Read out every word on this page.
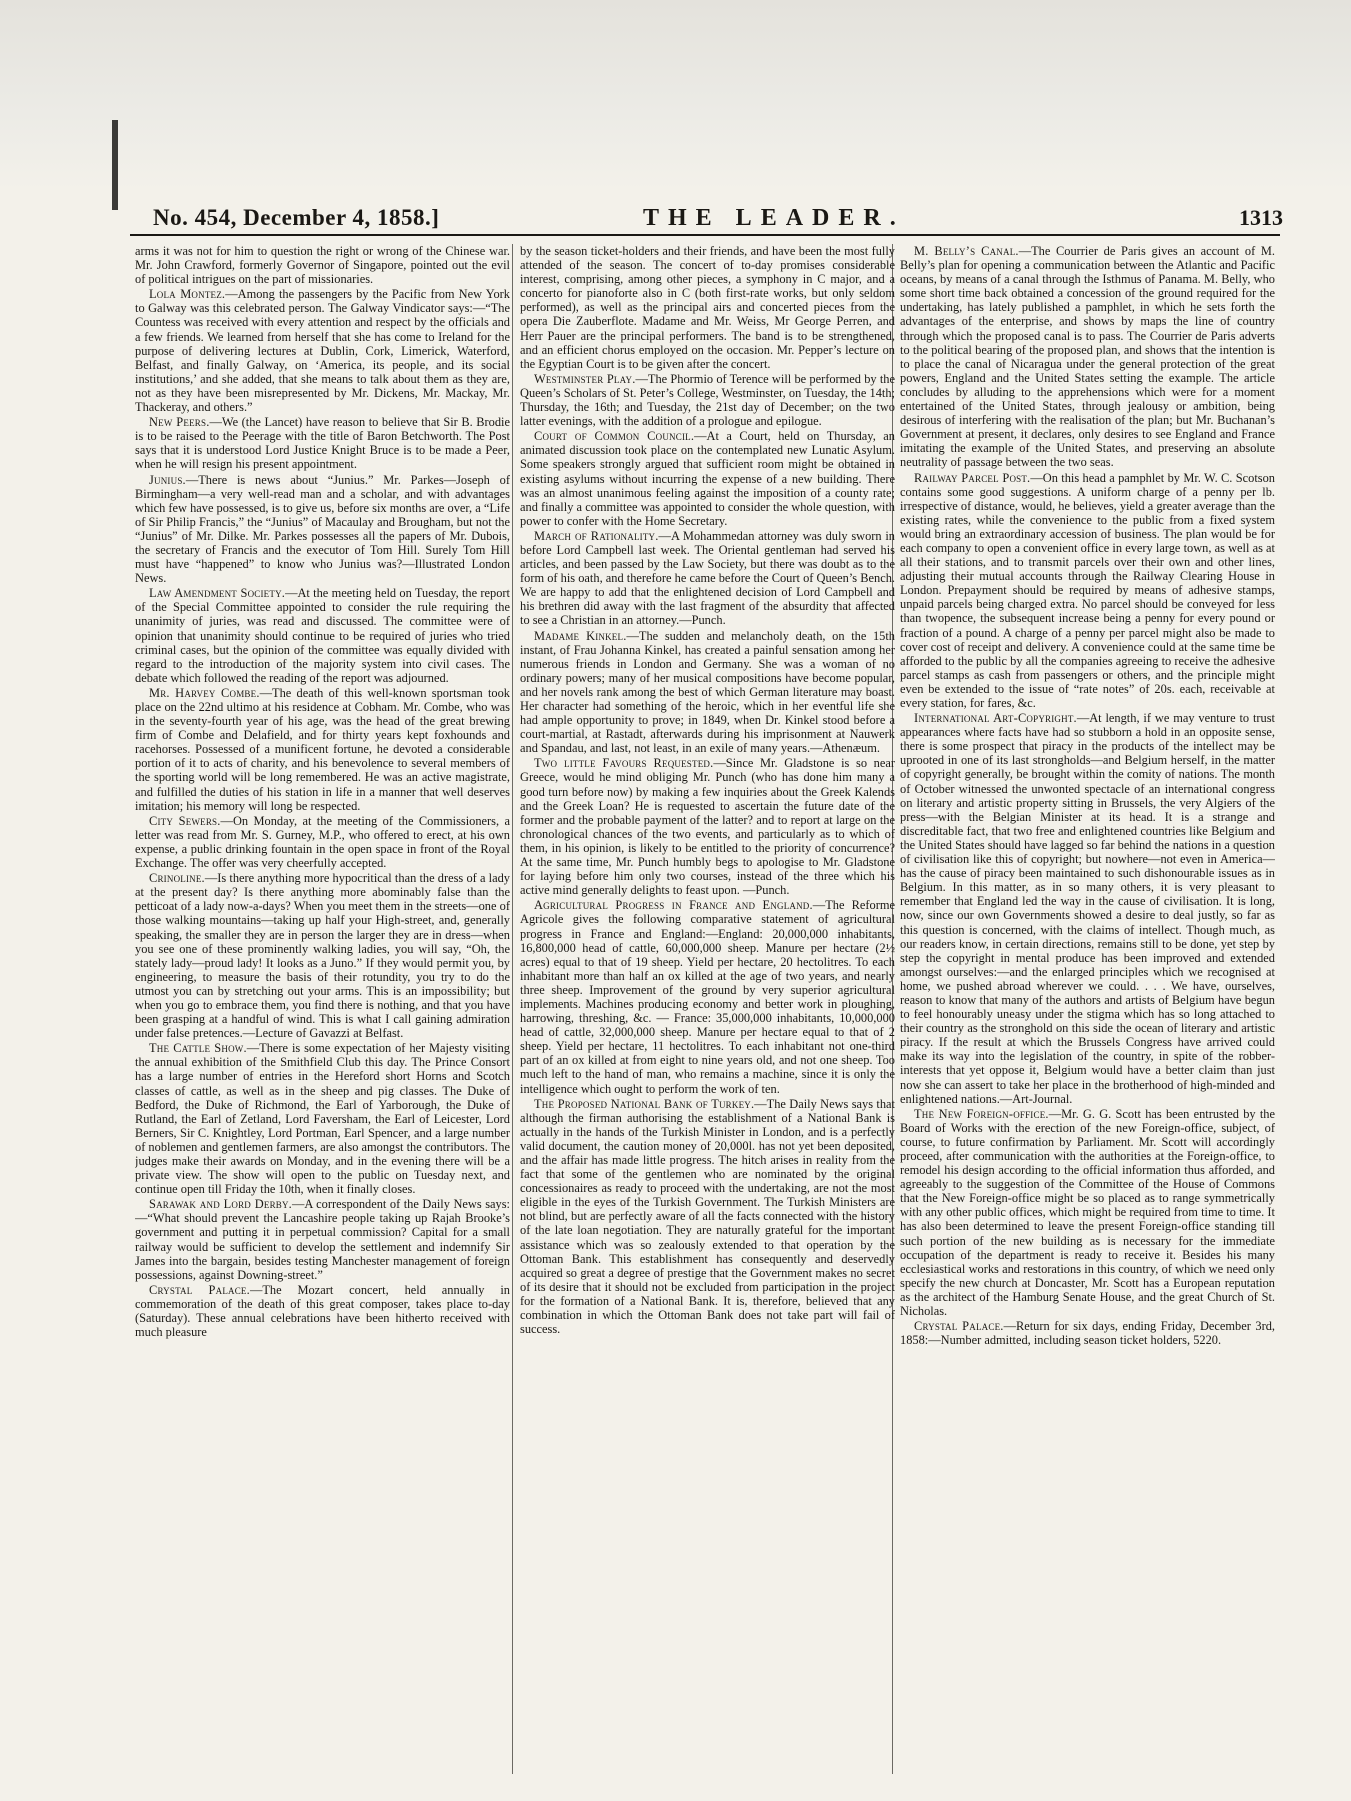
No. 454, December 4, 1858.]	THE LEADER.	1313

arms it was not for him to question the right or wrong of the Chinese war. Mr. John Crawford, formerly Governor of Singapore, pointed out the evil of political intrigues on the part of missionaries.

Lola Montez.—Among the passengers by the Pacific from New York to Galway was this celebrated person. The Galway Vindicator says:—“The Countess was received with every attention and respect by the officials and a few friends. We learned from herself that she has come to Ireland for the purpose of delivering lectures at Dublin, Cork, Limerick, Waterford, Belfast, and finally Galway, on ‘America, its people, and its social institutions,’ and she added, that she means to talk about them as they are, not as they have been misrepresented by Mr. Dickens, Mr. Mackay, Mr. Thackeray, and others.”

New Peers.—We (the Lancet) have reason to believe that Sir B. Brodie is to be raised to the Peerage with the title of Baron Betchworth. The Post says that it is understood Lord Justice Knight Bruce is to be made a Peer, when he will resign his present appointment.

Junius.—There is news about “Junius.” Mr. Parkes—Joseph of Birmingham—a very well-read man and a scholar, and with advantages which few have possessed, is to give us, before six months are over, a “Life of Sir Philip Francis,” the “Junius” of Macaulay and Brougham, but not the “Junius” of Mr. Dilke. Mr. Parkes possesses all the papers of Mr. Dubois, the secretary of Francis and the executor of Tom Hill. Surely Tom Hill must have “happened” to know who Junius was?—Illustrated London News.

Law Amendment Society.—At the meeting held on Tuesday, the report of the Special Committee appointed to consider the rule requiring the unanimity of juries, was read and discussed. The committee were of opinion that unanimity should continue to be required of juries who tried criminal cases, but the opinion of the committee was equally divided with regard to the introduction of the majority system into civil cases. The debate which followed the reading of the report was adjourned.

Mr. Harvey Combe.—The death of this well-known sportsman took place on the 22nd ultimo at his residence at Cobham. Mr. Combe, who was in the seventy-fourth year of his age, was the head of the great brewing firm of Combe and Delafield, and for thirty years kept foxhounds and racehorses. Possessed of a munificent fortune, he devoted a considerable portion of it to acts of charity, and his benevolence to several members of the sporting world will be long remembered. He was an active magistrate, and fulfilled the duties of his station in life in a manner that well deserves imitation; his memory will long be respected.

City Sewers.—On Monday, at the meeting of the Commissioners, a letter was read from Mr. S. Gurney, M.P., who offered to erect, at his own expense, a public drinking fountain in the open space in front of the Royal Exchange. The offer was very cheerfully accepted.

Crinoline.—Is there anything more hypocritical than the dress of a lady at the present day? Is there anything more abominably false than the petticoat of a lady now-a-days? When you meet them in the streets—one of those walking mountains—taking up half your High-street, and, generally speaking, the smaller they are in person the larger they are in dress—when you see one of these prominently walking ladies, you will say, “Oh, the stately lady—proud lady! It looks as a Juno.” If they would permit you, by engineering, to measure the basis of their rotundity, you try to do the utmost you can by stretching out your arms. This is an impossibility; but when you go to embrace them, you find there is nothing, and that you have been grasping at a handful of wind. This is what I call gaining admiration under false pretences.—Lecture of Gavazzi at Belfast.

The Cattle Show.—There is some expectation of her Majesty visiting the annual exhibition of the Smithfield Club this day. The Prince Consort has a large number of entries in the Hereford short Horns and Scotch classes of cattle, as well as in the sheep and pig classes. The Duke of Bedford, the Duke of Richmond, the Earl of Yarborough, the Duke of Rutland, the Earl of Zetland, Lord Faversham, the Earl of Leicester, Lord Berners, Sir C. Knightley, Lord Portman, Earl Spencer, and a large number of noblemen and gentlemen farmers, are also amongst the contributors. The judges make their awards on Monday, and in the evening there will be a private view. The show will open to the public on Tuesday next, and continue open till Friday the 10th, when it finally closes.

Sarawak and Lord Derby.—A correspondent of the Daily News says:—“What should prevent the Lancashire people taking up Rajah Brooke’s government and putting it in perpetual commission? Capital for a small railway would be sufficient to develop the settlement and indemnify Sir James into the bargain, besides testing Manchester management of foreign possessions, against Downing-street.”

Crystal Palace.—The Mozart concert, held annually in commemoration of the death of this great composer, takes place to-day (Saturday). These annual celebrations have been hitherto received with much pleasure

by the season ticket-holders and their friends, and have been the most fully attended of the season. The concert of to-day promises considerable interest, comprising, among other pieces, a symphony in C major, and a concerto for pianoforte also in C (both first-rate works, but only seldom performed), as well as the principal airs and concerted pieces from the opera Die Zauberflote. Madame and Mr. Weiss, Mr George Perren, and Herr Pauer are the principal performers. The band is to be strengthened, and an efficient chorus employed on the occasion. Mr. Pepper’s lecture on the Egyptian Court is to be given after the concert.

Westminster Play.—The Phormio of Terence will be performed by the Queen’s Scholars of St. Peter’s College, Westminster, on Tuesday, the 14th; Thursday, the 16th; and Tuesday, the 21st day of December; on the two latter evenings, with the addition of a prologue and epilogue.

Court of Common Council.—At a Court, held on Thursday, an animated discussion took place on the contemplated new Lunatic Asylum. Some speakers strongly argued that sufficient room might be obtained in existing asylums without incurring the expense of a new building. There was an almost unanimous feeling against the imposition of a county rate; and finally a committee was appointed to consider the whole question, with power to confer with the Home Secretary.

March of Rationality.—A Mohammedan attorney was duly sworn in before Lord Campbell last week. The Oriental gentleman had served his articles, and been passed by the Law Society, but there was doubt as to the form of his oath, and therefore he came before the Court of Queen’s Bench. We are happy to add that the enlightened decision of Lord Campbell and his brethren did away with the last fragment of the absurdity that affected to see a Christian in an attorney.—Punch.

Madame Kinkel.—The sudden and melancholy death, on the 15th instant, of Frau Johanna Kinkel, has created a painful sensation among her numerous friends in London and Germany. She was a woman of no ordinary powers; many of her musical compositions have become popular, and her novels rank among the best of which German literature may boast. Her character had something of the heroic, which in her eventful life she had ample opportunity to prove; in 1849, when Dr. Kinkel stood before a court-martial, at Rastadt, afterwards during his imprisonment at Nauwerk and Spandau, and last, not least, in an exile of many years.—Athenæum.

Two little Favours Requested.—Since Mr. Gladstone is so near Greece, would he mind obliging Mr. Punch (who has done him many a good turn before now) by making a few inquiries about the Greek Kalends and the Greek Loan? He is requested to ascertain the future date of the former and the probable payment of the latter? and to report at large on the chronological chances of the two events, and particularly as to which of them, in his opinion, is likely to be entitled to the priority of concurrence? At the same time, Mr. Punch humbly begs to apologise to Mr. Gladstone for laying before him only two courses, instead of the three which his active mind generally delights to feast upon. —Punch.

Agricultural Progress in France and England.—The Reforme Agricole gives the following comparative statement of agricultural progress in France and England:—England: 20,000,000 inhabitants, 16,800,000 head of cattle, 60,000,000 sheep. Manure per hectare (2½ acres) equal to that of 19 sheep. Yield per hectare, 20 hectolitres. To each inhabitant more than half an ox killed at the age of two years, and nearly three sheep. Improvement of the ground by very superior agricultural implements. Machines producing economy and better work in ploughing, harrowing, threshing, &c. — France: 35,000,000 inhabitants, 10,000,000 head of cattle, 32,000,000 sheep. Manure per hectare equal to that of 2 sheep. Yield per hectare, 11 hectolitres. To each inhabitant not one-third part of an ox killed at from eight to nine years old, and not one sheep. Too much left to the hand of man, who remains a machine, since it is only the intelligence which ought to perform the work of ten.

The Proposed National Bank of Turkey.—The Daily News says that although the firman authorising the establishment of a National Bank is actually in the hands of the Turkish Minister in London, and is a perfectly valid document, the caution money of 20,000l. has not yet been deposited, and the affair has made little progress. The hitch arises in reality from the fact that some of the gentlemen who are nominated by the original concessionaires as ready to proceed with the undertaking, are not the most eligible in the eyes of the Turkish Government. The Turkish Ministers are not blind, but are perfectly aware of all the facts connected with the history of the late loan negotiation. They are naturally grateful for the important assistance which was so zealously extended to that operation by the Ottoman Bank. This establishment has consequently and deservedly acquired so great a degree of prestige that the Government makes no secret of its desire that it should not be excluded from participation in the project for the formation of a National Bank. It is, therefore, believed that any combination in which the Ottoman Bank does not take part will fail of success.

M. Belly’s Canal.—The Courrier de Paris gives an account of M. Belly’s plan for opening a communication between the Atlantic and Pacific oceans, by means of a canal through the Isthmus of Panama. M. Belly, who some short time back obtained a concession of the ground required for the undertaking, has lately published a pamphlet, in which he sets forth the advantages of the enterprise, and shows by maps the line of country through which the proposed canal is to pass. The Courrier de Paris adverts to the political bearing of the proposed plan, and shows that the intention is to place the canal of Nicaragua under the general protection of the great powers, England and the United States setting the example. The article concludes by alluding to the apprehensions which were for a moment entertained of the United States, through jealousy or ambition, being desirous of interfering with the realisation of the plan; but Mr. Buchanan’s Government at present, it declares, only desires to see England and France imitating the example of the United States, and preserving an absolute neutrality of passage between the two seas.

Railway Parcel Post.—On this head a pamphlet by Mr. W. C. Scotson contains some good suggestions. A uniform charge of a penny per lb. irrespective of distance, would, he believes, yield a greater average than the existing rates, while the convenience to the public from a fixed system would bring an extraordinary accession of business. The plan would be for each company to open a convenient office in every large town, as well as at all their stations, and to transmit parcels over their own and other lines, adjusting their mutual accounts through the Railway Clearing House in London. Prepayment should be required by means of adhesive stamps, unpaid parcels being charged extra. No parcel should be conveyed for less than twopence, the subsequent increase being a penny for every pound or fraction of a pound. A charge of a penny per parcel might also be made to cover cost of receipt and delivery. A convenience could at the same time be afforded to the public by all the companies agreeing to receive the adhesive parcel stamps as cash from passengers or others, and the principle might even be extended to the issue of “rate notes” of 20s. each, receivable at every station, for fares, &c.

International Art-Copyright.—At length, if we may venture to trust appearances where facts have had so stubborn a hold in an opposite sense, there is some prospect that piracy in the products of the intellect may be uprooted in one of its last strongholds—and Belgium herself, in the matter of copyright generally, be brought within the comity of nations. The month of October witnessed the unwonted spectacle of an international congress on literary and artistic property sitting in Brussels, the very Algiers of the press—with the Belgian Minister at its head. It is a strange and discreditable fact, that two free and enlightened countries like Belgium and the United States should have lagged so far behind the nations in a question of civilisation like this of copyright; but nowhere—not even in America—has the cause of piracy been maintained to such dishonourable issues as in Belgium. In this matter, as in so many others, it is very pleasant to remember that England led the way in the cause of civilisation. It is long, now, since our own Governments showed a desire to deal justly, so far as this question is concerned, with the claims of intellect. Though much, as our readers know, in certain directions, remains still to be done, yet step by step the copyright in mental produce has been improved and extended amongst ourselves:—and the enlarged principles which we recognised at home, we pushed abroad wherever we could. . . . We have, ourselves, reason to know that many of the authors and artists of Belgium have begun to feel honourably uneasy under the stigma which has so long attached to their country as the stronghold on this side the ocean of literary and artistic piracy. If the result at which the Brussels Congress have arrived could make its way into the legislation of the country, in spite of the robber-interests that yet oppose it, Belgium would have a better claim than just now she can assert to take her place in the brotherhood of high-minded and enlightened nations.—Art-Journal.

The New Foreign-office.—Mr. G. G. Scott has been entrusted by the Board of Works with the erection of the new Foreign-office, subject, of course, to future confirmation by Parliament. Mr. Scott will accordingly proceed, after communication with the authorities at the Foreign-office, to remodel his design according to the official information thus afforded, and agreeably to the suggestion of the Committee of the House of Commons that the New Foreign-office might be so placed as to range symmetrically with any other public offices, which might be required from time to time. It has also been determined to leave the present Foreign-office standing till such portion of the new building as is necessary for the immediate occupation of the department is ready to receive it. Besides his many ecclesiastical works and restorations in this country, of which we need only specify the new church at Doncaster, Mr. Scott has a European reputation as the architect of the Hamburg Senate House, and the great Church of St. Nicholas.

Crystal Palace.—Return for six days, ending Friday, December 3rd, 1858:—Number admitted, including season ticket holders, 5220.
